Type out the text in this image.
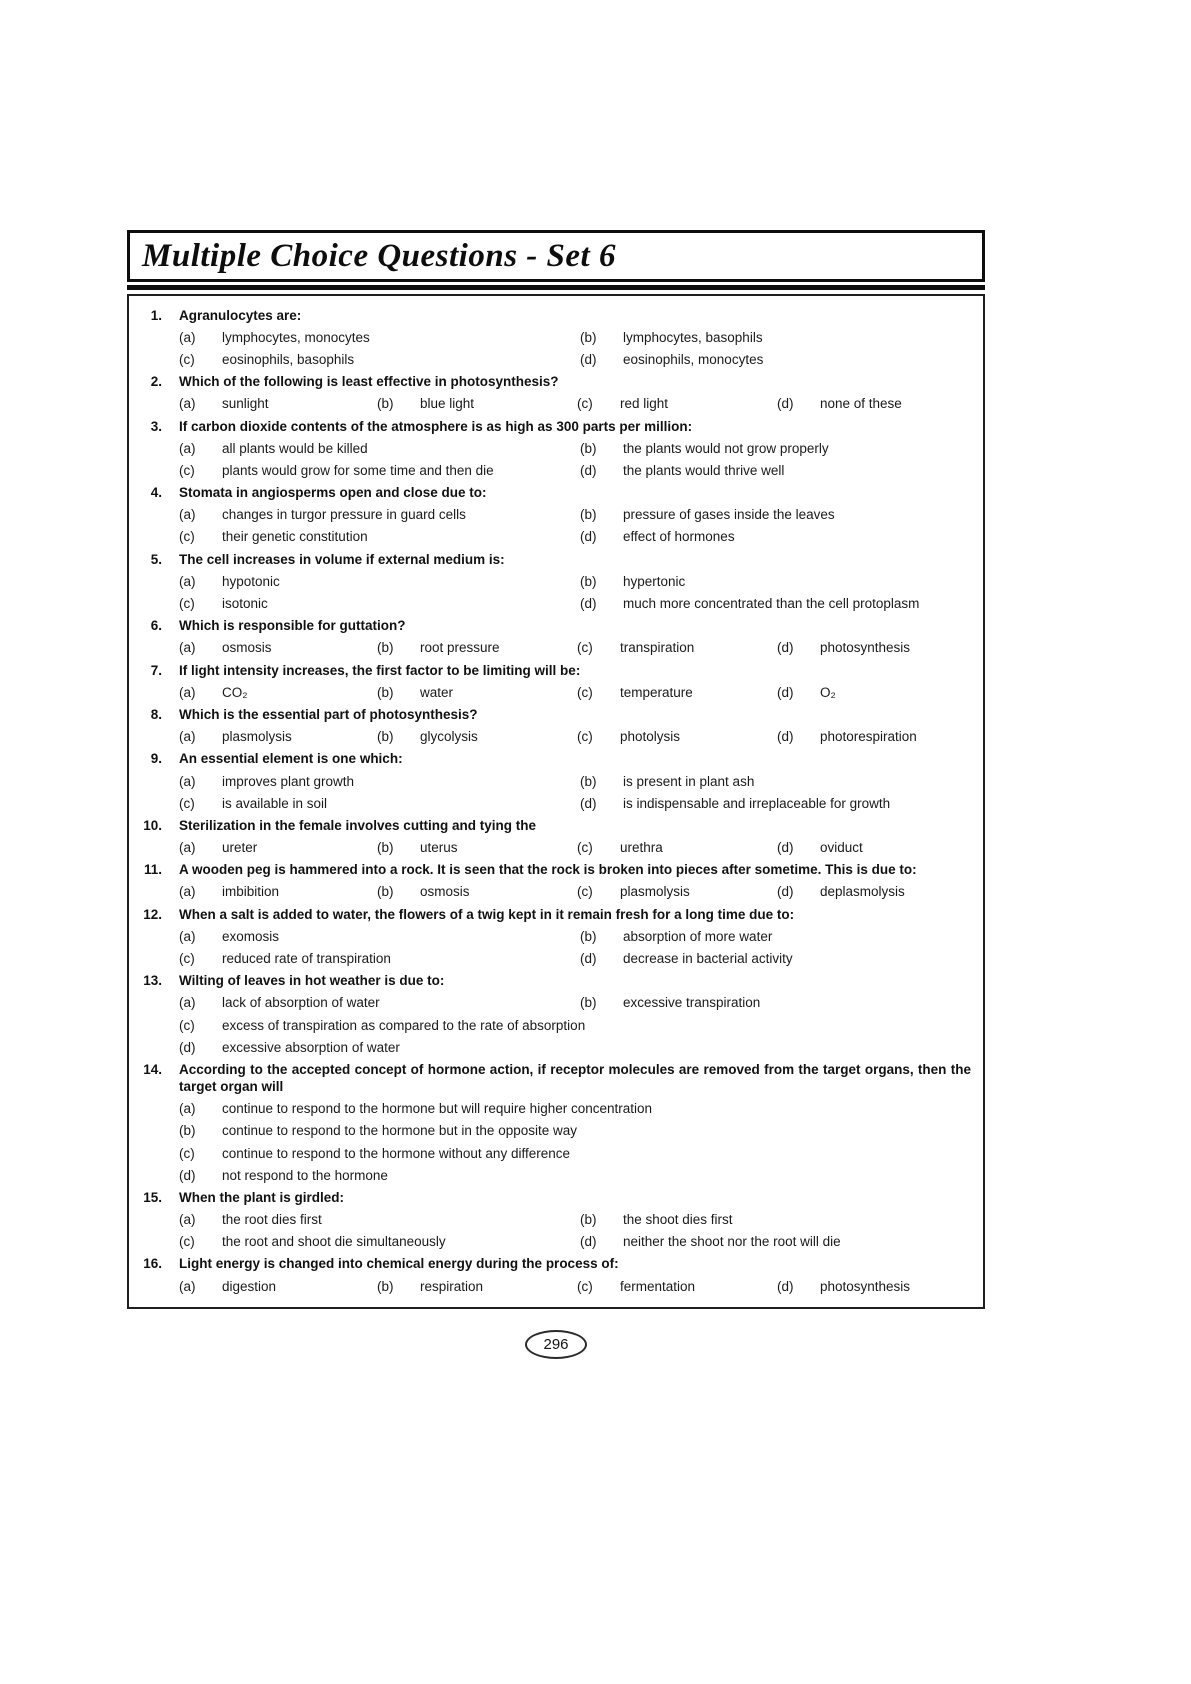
Multiple Choice Questions - Set 6
1.	Agranulocytes are:
(a)	lymphocytes, monocytes	(b)	lymphocytes, basophils
(c)	eosinophils, basophils	(d)	eosinophils, monocytes
2.	Which of the following is least effective in photosynthesis?
(a)	sunlight	(b)	blue light	(c)	red light	(d)	none of these
3.	If carbon dioxide contents of the atmosphere is as high as 300 parts per million:
(a)	all plants would be killed	(b)	the plants would not grow properly
(c)	plants would grow for some time and then die	(d)	the plants would thrive well
4.	Stomata in angiosperms open and close due to:
(a)	changes in turgor pressure in guard cells	(b)	pressure of gases inside the leaves
(c)	their genetic constitution	(d)	effect of hormones
5.	The cell increases in volume if external medium is:
(a)	hypotonic	(b)	hypertonic
(c)	isotonic	(d)	much more concentrated than the cell protoplasm
6.	Which is responsible for guttation?
(a)	osmosis	(b)	root pressure	(c)	transpiration	(d)	photosynthesis
7.	If light intensity increases, the first factor to be limiting will be:
(a)	CO₂	(b)	water	(c)	temperature	(d)	O₂
8.	Which is the essential part of photosynthesis?
(a)	plasmolysis	(b)	glycolysis	(c)	photolysis	(d)	photorespiration
9.	An essential element is one which:
(a)	improves plant growth	(b)	is present in plant ash
(c)	is available in soil	(d)	is indispensable and irreplaceable for growth
10.	Sterilization in the female involves cutting and tying the
(a)	ureter	(b)	uterus	(c)	urethra	(d)	oviduct
11.	A wooden peg is hammered into a rock. It is seen that the rock is broken into pieces after sometime. This is due to:
(a)	imbibition	(b)	osmosis	(c)	plasmolysis	(d)	deplasmolysis
12.	When a salt is added to water, the flowers of a twig kept in it remain fresh for a long time due to:
(a)	exomosis	(b)	absorption of more water
(c)	reduced rate of transpiration	(d)	decrease in bacterial activity
13.	Wilting of leaves in hot weather is due to:
(a)	lack of absorption of water	(b)	excessive transpiration
(c)	excess of transpiration as compared to the rate of absorption
(d)	excessive absorption of water
14.	According to the accepted concept of hormone action, if receptor molecules are removed from the target organs, then the target organ will
(a)	continue to respond to the hormone but will require higher concentration
(b)	continue to respond to the hormone but in the opposite way
(c)	continue to respond to the hormone without any difference
(d)	not respond to the hormone
15.	When the plant is girdled:
(a)	the root dies first	(b)	the shoot dies first
(c)	the root and shoot die simultaneously	(d)	neither the shoot nor the root will die
16.	Light energy is changed into chemical energy during the process of:
(a)	digestion	(b)	respiration	(c)	fermentation	(d)	photosynthesis
296
